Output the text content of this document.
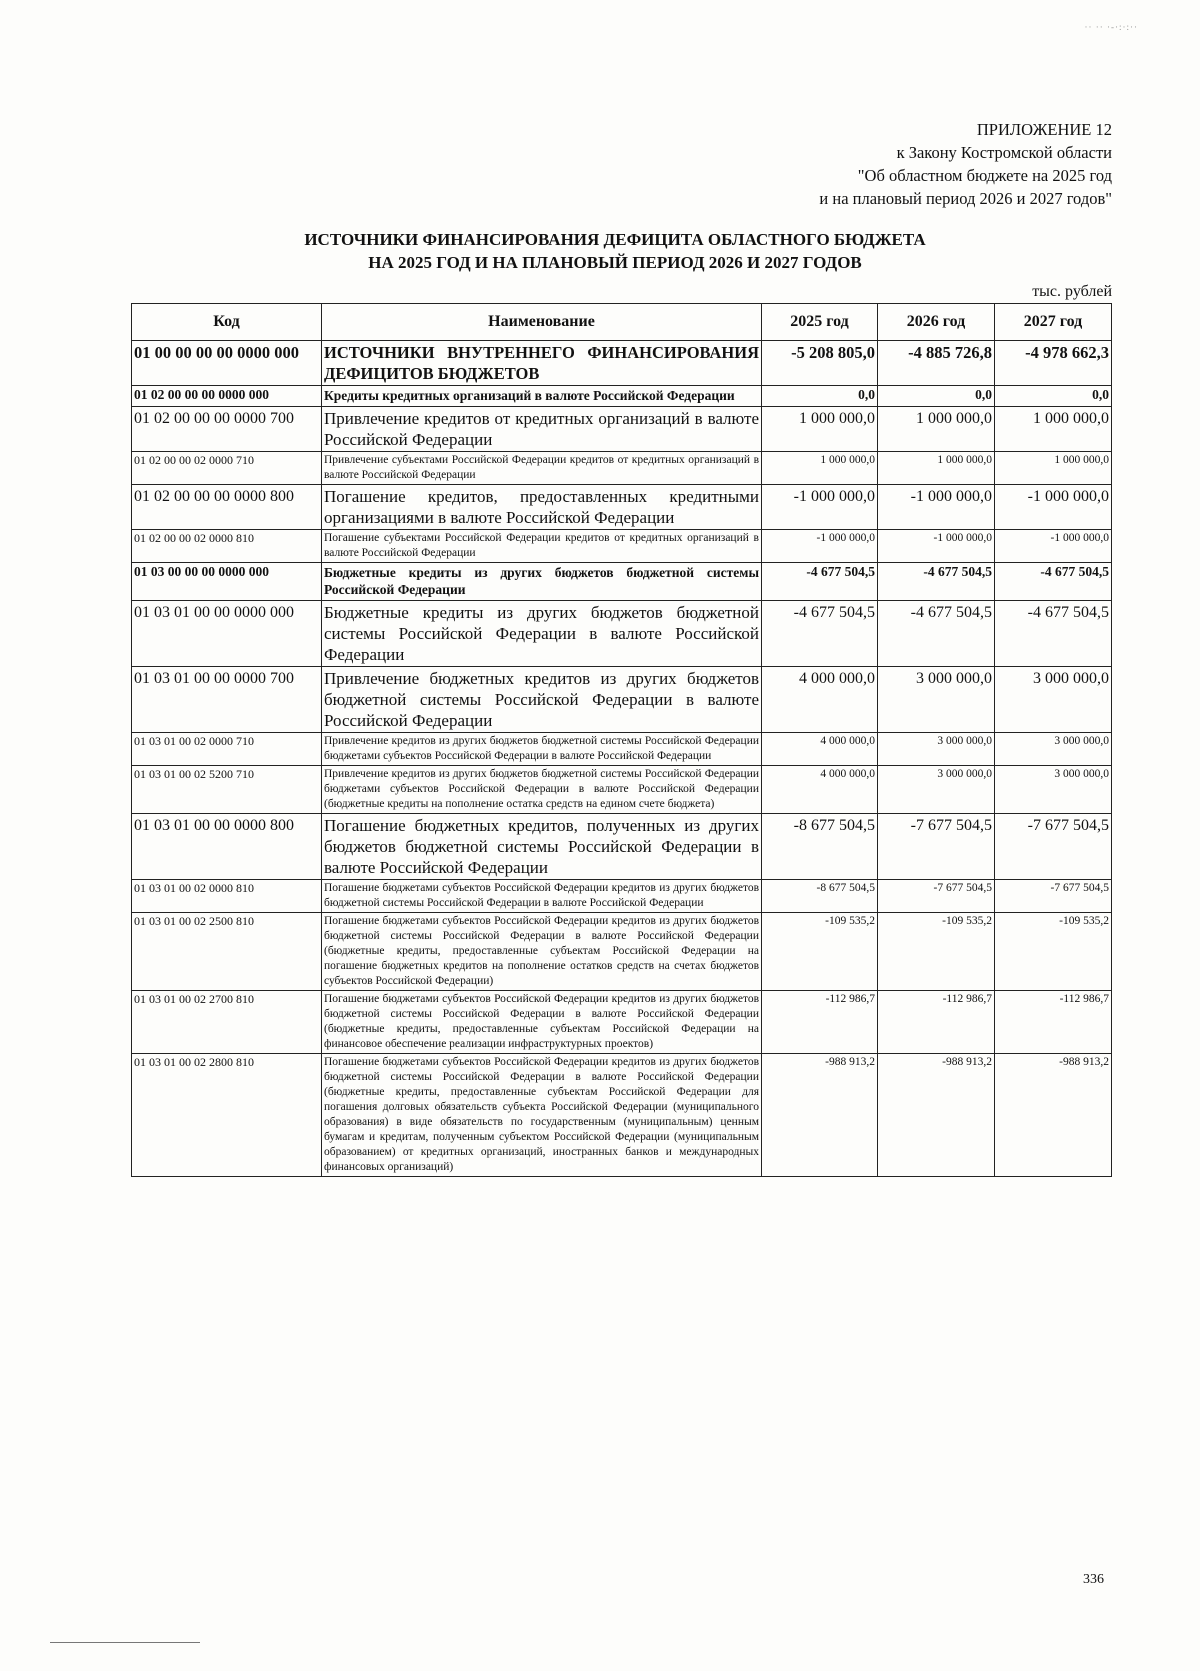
·· ·· ·-·:·:··
ПРИЛОЖЕНИЕ 12
к Закону Костромской области
"Об областном бюджете на 2025 год
и на плановый период 2026 и 2027 годов"
ИСТОЧНИКИ ФИНАНСИРОВАНИЯ ДЕФИЦИТА ОБЛАСТНОГО БЮДЖЕТА
НА 2025 ГОД И НА ПЛАНОВЫЙ ПЕРИОД 2026 И 2027 ГОДОВ
тыс. рублей
Код	Наименование	2025 год	2026 год	2027 год
01 00 00 00 00 0000 000	ИСТОЧНИКИ ВНУТРЕННЕГО ФИНАНСИРОВАНИЯ ДЕФИЦИТОВ БЮДЖЕТОВ	-5 208 805,0	-4 885 726,8	-4 978 662,3
01 02 00 00 00 0000 000	Кредиты кредитных организаций в валюте Российской Федерации	0,0	0,0	0,0
01 02 00 00 00 0000 700	Привлечение кредитов от кредитных организаций в валюте Российской Федерации	1 000 000,0	1 000 000,0	1 000 000,0
01 02 00 00 02 0000 710	Привлечение субъектами Российской Федерации кредитов от кредитных организаций в валюте Российской Федерации	1 000 000,0	1 000 000,0	1 000 000,0
01 02 00 00 00 0000 800	Погашение кредитов, предоставленных кредитными организациями в валюте Российской Федерации	-1 000 000,0	-1 000 000,0	-1 000 000,0
01 02 00 00 02 0000 810	Погашение субъектами Российской Федерации кредитов от кредитных организаций в валюте Российской Федерации	-1 000 000,0	-1 000 000,0	-1 000 000,0
01 03 00 00 00 0000 000	Бюджетные кредиты из других бюджетов бюджетной системы Российской Федерации	-4 677 504,5	-4 677 504,5	-4 677 504,5
01 03 01 00 00 0000 000	Бюджетные кредиты из других бюджетов бюджетной системы Российской Федерации в валюте Российской Федерации	-4 677 504,5	-4 677 504,5	-4 677 504,5
01 03 01 00 00 0000 700	Привлечение бюджетных кредитов из других бюджетов бюджетной системы Российской Федерации в валюте Российской Федерации	4 000 000,0	3 000 000,0	3 000 000,0
01 03 01 00 02 0000 710	Привлечение кредитов из других бюджетов бюджетной системы Российской Федерации бюджетами субъектов Российской Федерации в валюте Российской Федерации	4 000 000,0	3 000 000,0	3 000 000,0
01 03 01 00 02 5200 710	Привлечение кредитов из других бюджетов бюджетной системы Российской Федерации бюджетами субъектов Российской Федерации в валюте Российской Федерации (бюджетные кредиты на пополнение остатка средств на едином счете бюджета)	4 000 000,0	3 000 000,0	3 000 000,0
01 03 01 00 00 0000 800	Погашение бюджетных кредитов, полученных из других бюджетов бюджетной системы Российской Федерации в валюте Российской Федерации	-8 677 504,5	-7 677 504,5	-7 677 504,5
01 03 01 00 02 0000 810	Погашение бюджетами субъектов Российской Федерации кредитов из других бюджетов бюджетной системы Российской Федерации в валюте Российской Федерации	-8 677 504,5	-7 677 504,5	-7 677 504,5
01 03 01 00 02 2500 810	Погашение бюджетами субъектов Российской Федерации кредитов из других бюджетов бюджетной системы Российской Федерации в валюте Российской Федерации (бюджетные кредиты, предоставленные субъектам Российской Федерации на погашение бюджетных кредитов на пополнение остатков средств на счетах бюджетов субъектов Российской Федерации)	-109 535,2	-109 535,2	-109 535,2
01 03 01 00 02 2700 810	Погашение бюджетами субъектов Российской Федерации кредитов из других бюджетов бюджетной системы Российской Федерации в валюте Российской Федерации (бюджетные кредиты, предоставленные субъектам Российской Федерации на финансовое обеспечение реализации инфраструктурных проектов)	-112 986,7	-112 986,7	-112 986,7
01 03 01 00 02 2800 810	Погашение бюджетами субъектов Российской Федерации кредитов из других бюджетов бюджетной системы Российской Федерации в валюте Российской Федерации (бюджетные кредиты, предоставленные субъектам Российской Федерации для погашения долговых обязательств субъекта Российской Федерации (муниципального образования) в виде обязательств по государственным (муниципальным) ценным бумагам и кредитам, полученным субъектом Российской Федерации (муниципальным образованием) от кредитных организаций, иностранных банков и международных финансовых организаций)	-988 913,2	-988 913,2	-988 913,2
336
